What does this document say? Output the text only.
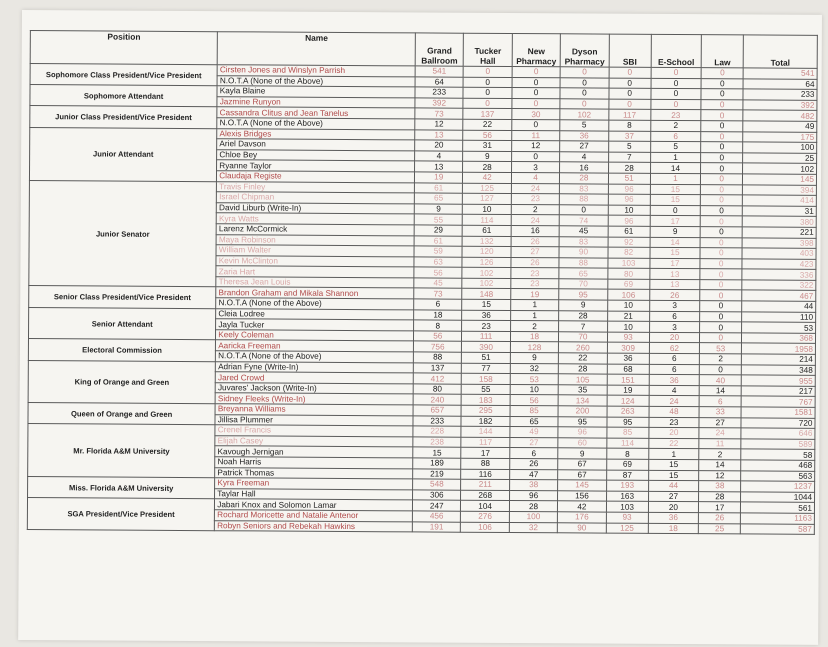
Position	Name	Grand Ballroom	Tucker Hall	New Pharmacy	Dyson Pharmacy	SBI	E-School	Law	Total
Sophomore Class President/Vice President	Cirsten Jones and Winslyn Parrish	541	0	0	0	0	0	0	541
	N.O.T.A (None of the Above)	64	0	0	0	0	0	0	64
Sophomore Attendant	Kayla Blaine	233	0	0	0	0	0	0	233
	Jazmine Runyon	392	0	0	0	0	0	0	392
Junior Class President/Vice President	Cassandra Clitus and Jean Tanelus	73	137	30	102	117	23	0	482
	N.O.T.A (None of the Above)	12	22	0	5	8	2	0	49
Junior Attendant	Alexis Bridges	13	56	11	36	37	6	0	175
	Ariel Davson	20	31	12	27	5	5	0	100
	Chloe Bey	4	9	0	4	7	1	0	25
	Ryanne Taylor	13	28	3	16	28	14	0	102
	Claudaja Registe	19	42	4	28	51	1	0	145
Junior Senator	Travis Finley	61	125	24	83	96	15	0	394
	Israel Chipman	65	127	23	88	96	15	0	414
	David Liburb (Write-In)	9	10	2	0	10	0	0	31
	Kyra Watts	55	114	24	74	96	17	0	380
	Larenz McCormick	29	61	16	45	61	9	0	221
	Maya Robinson	61	132	26	83	92	14	0	398
	William Walter	59	120	27	90	82	15	0	403
	Kevin McClinton	63	126	26	88	103	17	0	423
	Zaria Hart	56	102	23	65	80	13	0	336
	Theresa Jean Louis	45	102	23	70	69	13	0	322
Senior Class President/Vice President	Brandon Graham and Mikala Shannon	73	148	19	95	106	26	0	467
	N.O.T.A (None of the Above)	6	15	1	9	10	3	0	44
Senior Attendant	Cleia Lodree	18	36	1	28	21	6	0	110
	Jayla Tucker	8	23	2	7	10	3	0	53
	Keely Coleman	56	111	18	70	93	20	0	368
Electoral Commission	Aaricka Freeman	756	390	128	260	309	62	53	1958
	N.O.T.A (None of the Above)	88	51	9	22	36	6	2	214
King of Orange and Green	Adrian Fyne (Write-In)	137	77	32	28	68	6	0	348
	Jared Crowd	412	158	53	105	151	36	40	955
	Juvares' Jackson (Write-In)	80	55	10	35	19	4	14	217
	Sidney Fleeks (Write-In)	240	183	56	134	124	24	6	767
Queen of Orange and Green	Breyanna Williams	657	295	85	200	263	48	33	1581
	Jillisa Plummer	233	182	65	95	95	23	27	720
Mr. Florida A&M University	Crenel Francis	228	144	49	96	85	20	24	646
	Elijah Casey	238	117	27	60	114	22	11	589
	Kavough Jernigan	15	17	6	9	8	1	2	58
	Noah Harris	189	88	26	67	69	15	14	468
	Patrick Thomas	219	116	47	67	87	15	12	563
Miss. Florida A&M University	Kyra Freeman	548	211	38	145	193	44	38	1237
	Taylar Hall	306	268	96	156	163	27	28	1044
SGA President/Vice President	Jabari Knox and Solomon Lamar	247	104	28	42	103	20	17	561
	Rochard Moricette and Natalie Antenor	456	276	100	176	93	36	26	1163
	Robyn Seniors and Rebekah Hawkins	191	106	32	90	125	18	25	587
